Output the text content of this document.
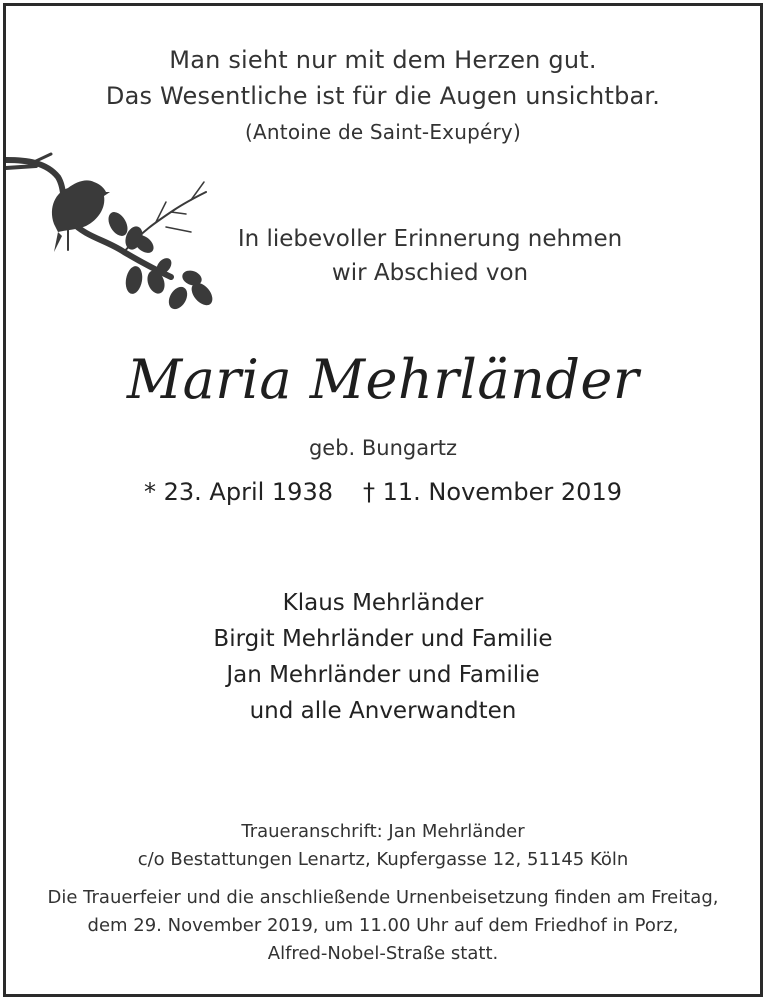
Man sieht nur mit dem Herzen gut.
Das Wesentliche ist für die Augen unsichtbar.
(Antoine de Saint-Exupéry)
In liebevoller Erinnerung nehmen
wir Abschied von
Maria Mehrländer
geb. Bungartz
* 23. April 1938 † 11. November 2019
Klaus Mehrländer
Birgit Mehrländer und Familie
Jan Mehrländer und Familie
und alle Anverwandten
Traueranschrift: Jan Mehrländer
c/o Bestattungen Lenartz, Kupfergasse 12, 51145 Köln
Die Trauerfeier und die anschließende Urnenbeisetzung finden am Freitag,
dem 29. November 2019, um 11.00 Uhr auf dem Friedhof in Porz,
Alfred-Nobel-Straße statt.
